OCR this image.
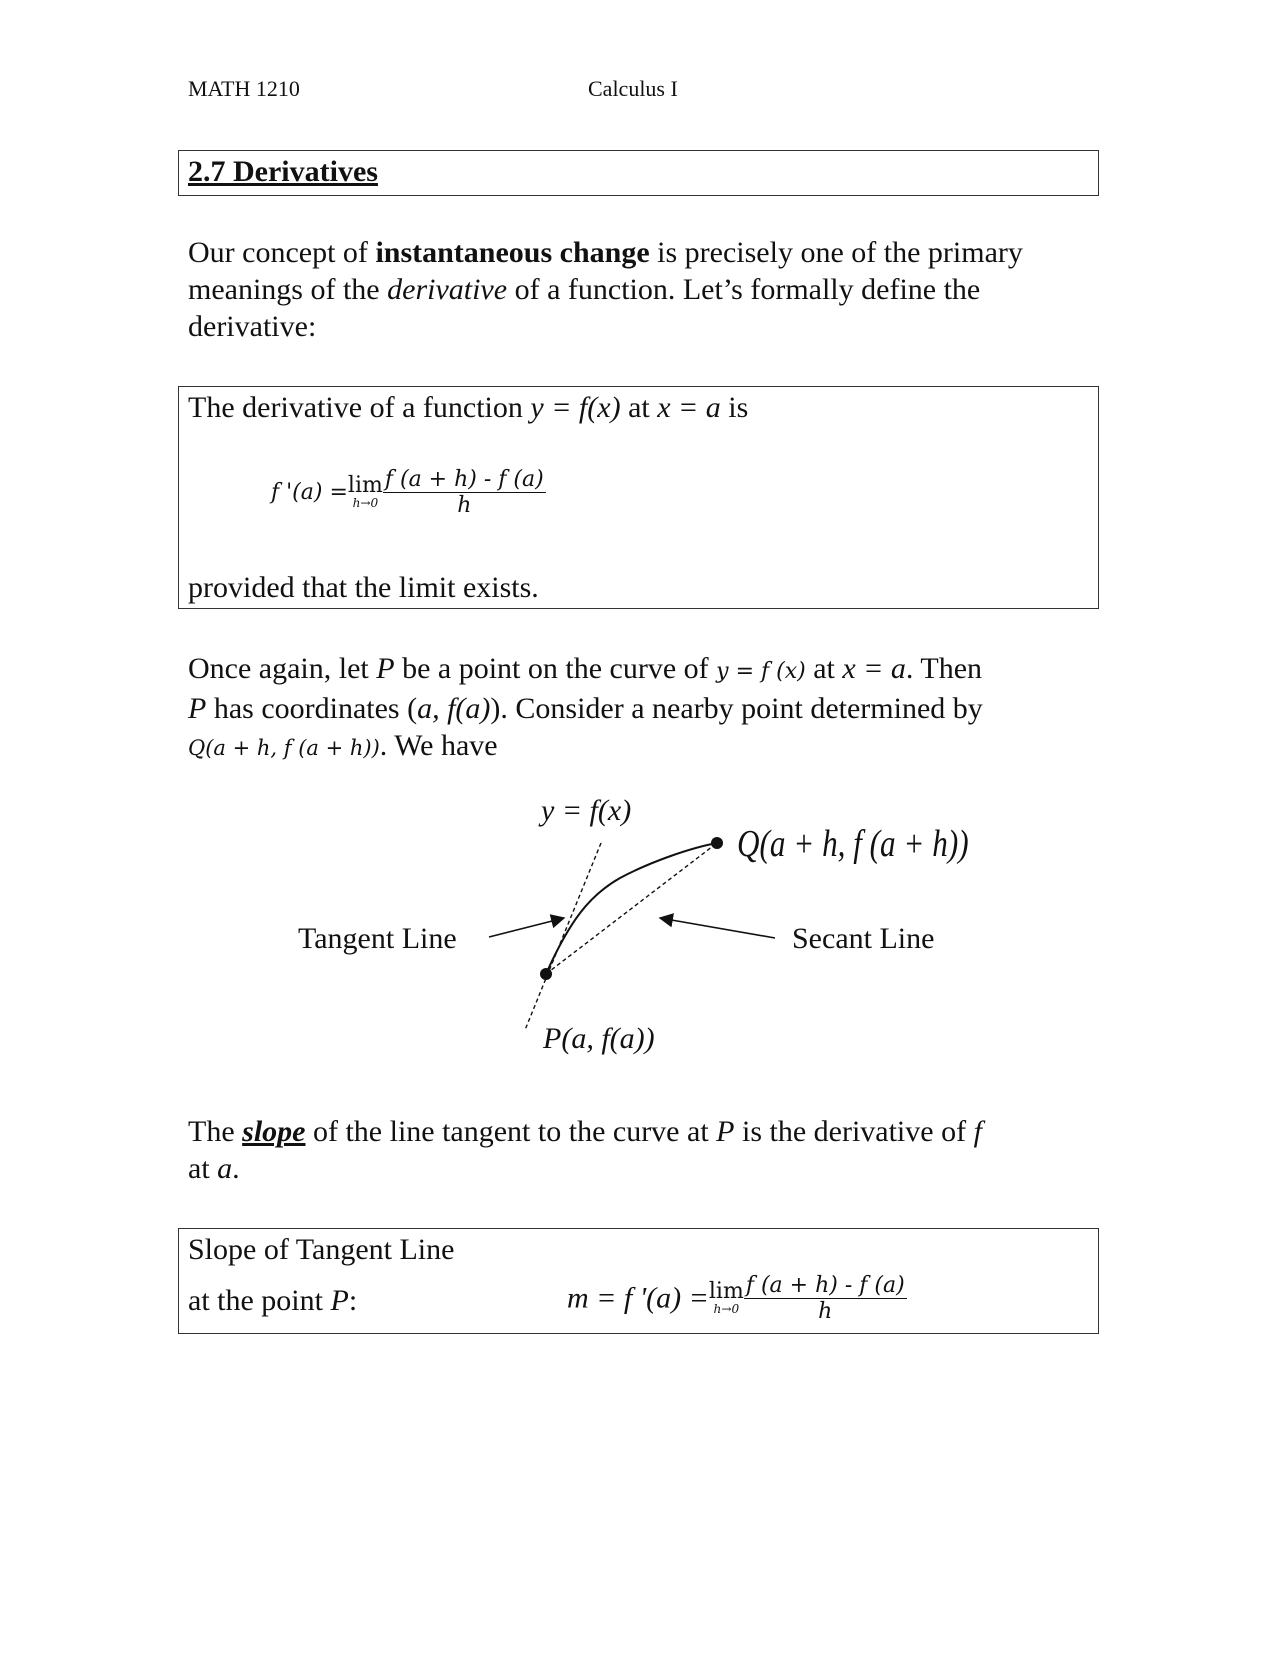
MATH 1210	Calculus I
2.7 Derivatives
Our concept of instantaneous change is precisely one of the primary meanings of the derivative of a function. Let’s formally define the derivative:
The derivative of a function y = f(x) at x = a is
f '(a) =lim
$h\to 0 \frac{f (a + h) - f (a)}{h}$
provided that the limit exists.
Once again, let P be a point on the curve of y = f (x) at x = a. Then
P has coordinates (a, f(a)). Consider a nearby point determined by
Q(a + h, f (a + h)). We have
y = f(x)
Q(a + h, f (a + h))
Tangent Line	Secant Line
P(a, f(a))
The slope of the line tangent to the curve at P is the derivative of f
at a.
Slope of Tangent Line
at the point P:	m = f '(a) =lim
$h\to 0 \frac{f (a + h) - f (a)}{h}$
